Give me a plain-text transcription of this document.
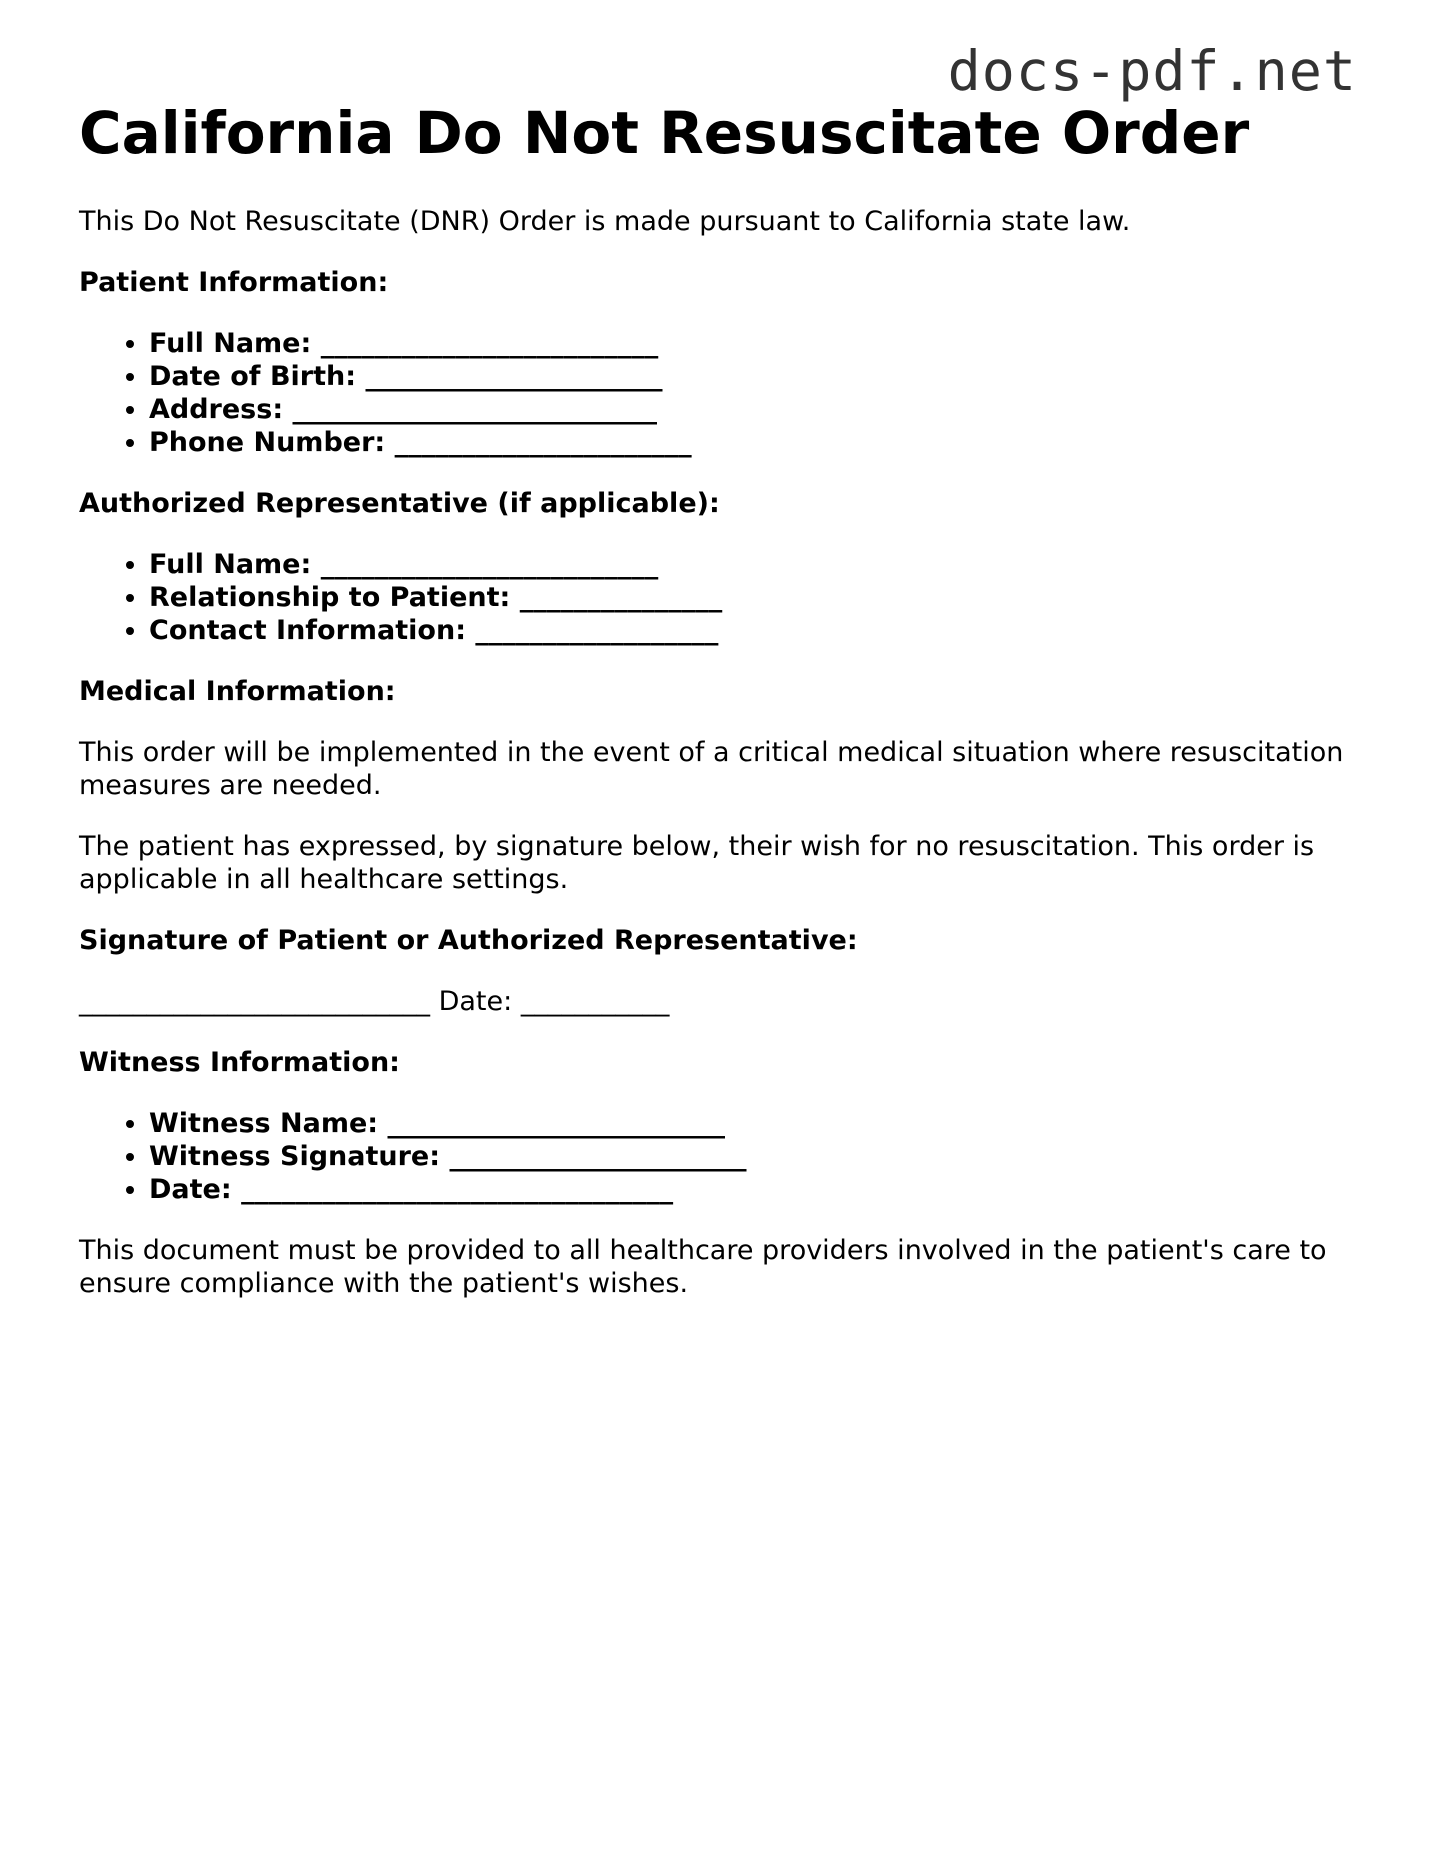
docs-pdf.net
California Do Not Resuscitate Order

This Do Not Resuscitate (DNR) Order is made pursuant to California state law.

Patient Information:

• Full Name: _________________________
• Date of Birth: ______________________
• Address: ___________________________
• Phone Number: ______________________

Authorized Representative (if applicable):

• Full Name: _________________________
• Relationship to Patient: _______________
• Contact Information: __________________

Medical Information:

This order will be implemented in the event of a critical medical situation where resuscitation measures are needed.

The patient has expressed, by signature below, their wish for no resuscitation. This order is applicable in all healthcare settings.

Signature of Patient or Authorized Representative:

__________________________ Date: ___________

Witness Information:

• Witness Name: _________________________
• Witness Signature: ______________________
• Date: ________________________________

This document must be provided to all healthcare providers involved in the patient's care to ensure compliance with the patient's wishes.
